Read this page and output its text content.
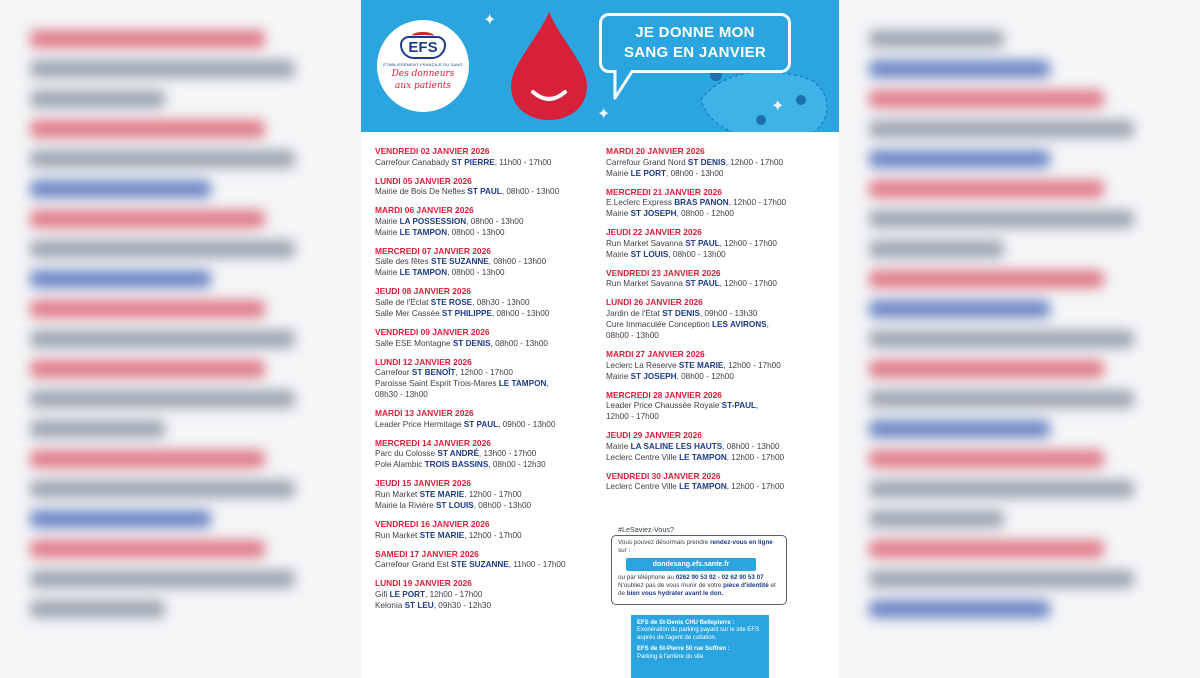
✦
✦	✦
EFS
ÉTABLISSEMENT FRANÇAIS DU SANG
Des donneurs
aux patients
JE DONNE MON
SANG EN JANVIER
VENDREDI 02 JANVIER 2026
Carrefour Canabady ST PIERRE, 11h00 - 17h00
LUNDI 05 JANVIER 2026
Mairie de Bois De Nefles ST PAUL, 08h00 - 13h00
MARDI 06 JANVIER 2026
Mairie LA POSSESSION, 08h00 - 13h00
Mairie LE TAMPON, 08h00 - 13h00
MERCREDI 07 JANVIER 2026
Salle des fêtes STE SUZANNE, 08h00 - 13h00
Mairie LE TAMPON, 08h00 - 13h00
JEUDI 08 JANVIER 2026
Salle de l'Éclat STE ROSE, 08h30 - 13h00
Salle Mer Cassée ST PHILIPPE, 08h00 - 13h00
VENDREDI 09 JANVIER 2026
Salle ESE Montagne ST DENIS, 08h00 - 13h00
LUNDI 12 JANVIER 2026
Carrefour ST BENOÎT, 12h00 - 17h00
Paroisse Saint Esprit Trois-Mares LE TAMPON,
08h30 - 13h00
MARDI 13 JANVIER 2026
Leader Price Hermitage ST PAUL, 09h00 - 13h00
MERCREDI 14 JANVIER 2026
Parc du Colosse ST ANDRÉ, 13h00 - 17h00
Pole Alambic TROIS BASSINS, 08h00 - 12h30
JEUDI 15 JANVIER 2026
Run Market STE MARIE, 12h00 - 17h00
Mairie la Rivière ST LOUIS, 08h00 - 13h00
VENDREDI 16 JANVIER 2026
Run Market STE MARIE, 12h00 - 17h00
SAMEDI 17 JANVIER 2026
Carrefour Grand Est STE SUZANNE, 11h00 - 17h00
LUNDI 19 JANVIER 2026
Gifi LE PORT, 12h00 - 17h00
Kelonia ST LEU, 09h30 - 12h30
MARDI 20 JANVIER 2026
Carrefour Grand Nord ST DENIS, 12h00 - 17h00
Mairie LE PORT, 08h00 - 13h00
MERCREDI 21 JANVIER 2026
E.Leclerc Express BRAS PANON, 12h00 - 17h00
Mairie ST JOSEPH, 08h00 - 12h00
JEUDI 22 JANVIER 2026
Run Market Savanna ST PAUL, 12h00 - 17h00
Mairie ST LOUIS, 08h00 - 13h00
VENDREDI 23 JANVIER 2026
Run Market Savanna ST PAUL, 12h00 - 17h00
LUNDI 26 JANVIER 2026
Jardin de l'État ST DENIS, 09h00 - 13h30
Cure Immaculée Conception LES AVIRONS,
08h00 - 13h00
MARDI 27 JANVIER 2026
Leclerc La Reserve STE MARIE, 12h00 - 17h00
Mairie ST JOSEPH, 08h00 - 12h00
MERCREDI 28 JANVIER 2026
Leader Price Chaussée Royale ST-PAUL,
12h00 - 17h00
JEUDI 29 JANVIER 2026
Mairie LA SALINE LES HAUTS, 08h00 - 13h00
Leclerc Centre Ville LE TAMPON, 12h00 - 17h00
VENDREDI 30 JANVIER 2026
Leclerc Centre Ville LE TAMPON, 12h00 - 17h00
#LeSaviez-Vous?
Vous pouvez désormais prendre rendez-vous en ligne sur :
dondesang.efs.sante.fr
ou par téléphone au 0262 90 53 92 - 02 62 90 53 07
N'oubliez pas de vous munir de votre pièce d'identité et de bien vous hydrater avant le don.
EFS de St-Denis CHU Bellepierre :
Exonération du parking payant sur le site EFS auprès de l'agent de collation.
EFS de St-Pierre 50 rue Suffren :
Parking à l'arrière du site.
